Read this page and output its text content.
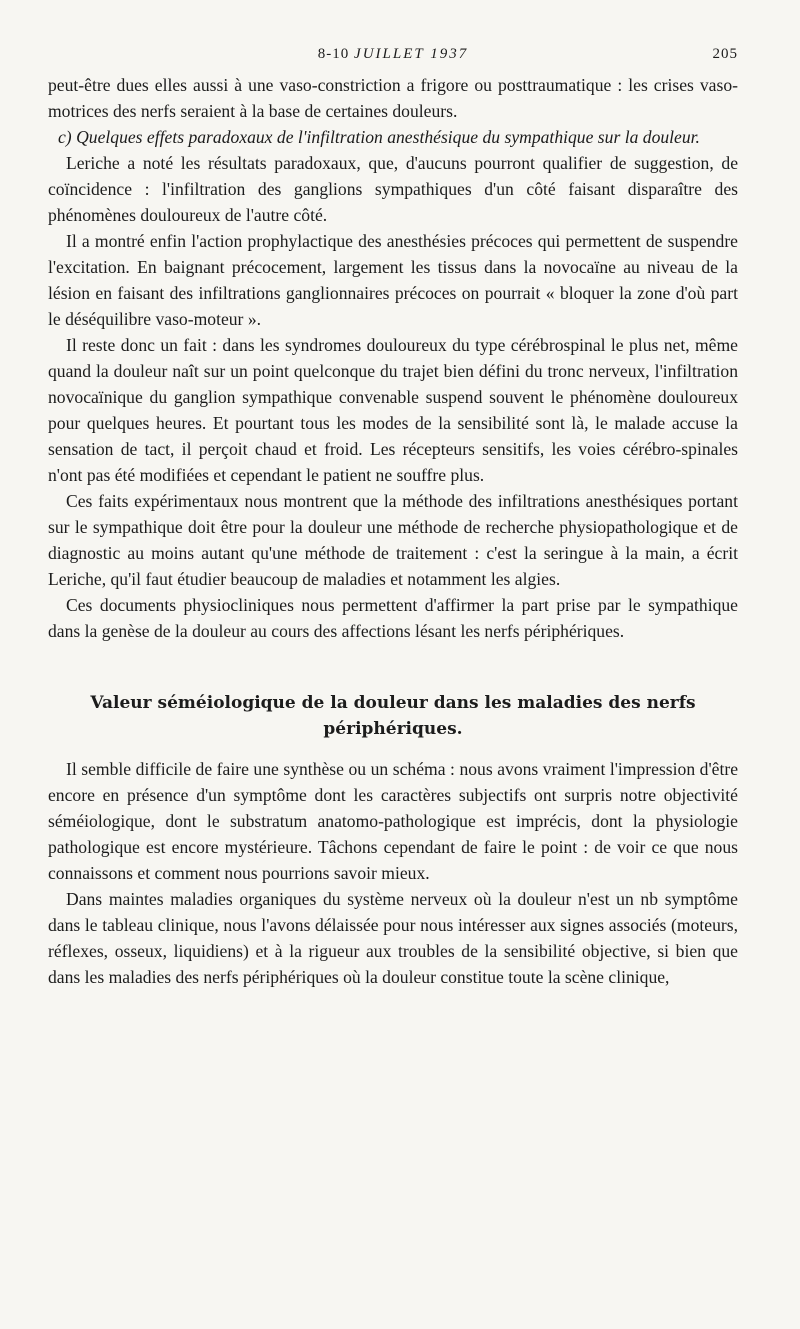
8-10 JUILLET 1937	205

peut-être dues elles aussi à une vaso-constriction a frigore ou posttraumatique : les crises vaso-motrices des nerfs seraient à la base de certaines douleurs.

c) Quelques effets paradoxaux de l'infiltration anesthésique du sympathique sur la douleur.

Leriche a noté les résultats paradoxaux, que, d'aucuns pourront qualifier de suggestion, de coïncidence : l'infiltration des ganglions sympathiques d'un côté faisant disparaître des phénomènes douloureux de l'autre côté.

Il a montré enfin l'action prophylactique des anesthésies précoces qui permettent de suspendre l'excitation. En baignant précocement, largement les tissus dans la novocaïne au niveau de la lésion en faisant des infiltrations ganglionnaires précoces on pourrait « bloquer la zone d'où part le déséquilibre vaso-moteur ».

Il reste donc un fait : dans les syndromes douloureux du type cérébrospinal le plus net, même quand la douleur naît sur un point quelconque du trajet bien défini du tronc nerveux, l'infiltration novocaïnique du ganglion sympathique convenable suspend souvent le phénomène douloureux pour quelques heures. Et pourtant tous les modes de la sensibilité sont là, le malade accuse la sensation de tact, il perçoit chaud et froid. Les récepteurs sensitifs, les voies cérébro-spinales n'ont pas été modifiées et cependant le patient ne souffre plus.

Ces faits expérimentaux nous montrent que la méthode des infiltrations anesthésiques portant sur le sympathique doit être pour la douleur une méthode de recherche physiopathologique et de diagnostic au moins autant qu'une méthode de traitement : c'est la seringue à la main, a écrit Leriche, qu'il faut étudier beaucoup de maladies et notamment les algies.

Ces documents physiocliniques nous permettent d'affirmer la part prise par le sympathique dans la genèse de la douleur au cours des affections lésant les nerfs périphériques.

Valeur séméiologique de la douleur dans les maladies des nerfs périphériques.

Il semble difficile de faire une synthèse ou un schéma : nous avons vraiment l'impression d'être encore en présence d'un symptôme dont les caractères subjectifs ont surpris notre objectivité séméiologique, dont le substratum anatomo-pathologique est imprécis, dont la physiologie pathologique est encore mystérieure. Tâchons cependant de faire le point : de voir ce que nous connaissons et comment nous pourrions savoir mieux.

Dans maintes maladies organiques du système nerveux où la douleur n'est un nb symptôme dans le tableau clinique, nous l'avons délaissée pour nous intéresser aux signes associés (moteurs, réflexes, osseux, liquidiens) et à la rigueur aux troubles de la sensibilité objective, si bien que dans les maladies des nerfs périphériques où la douleur constitue toute la scène clinique,
